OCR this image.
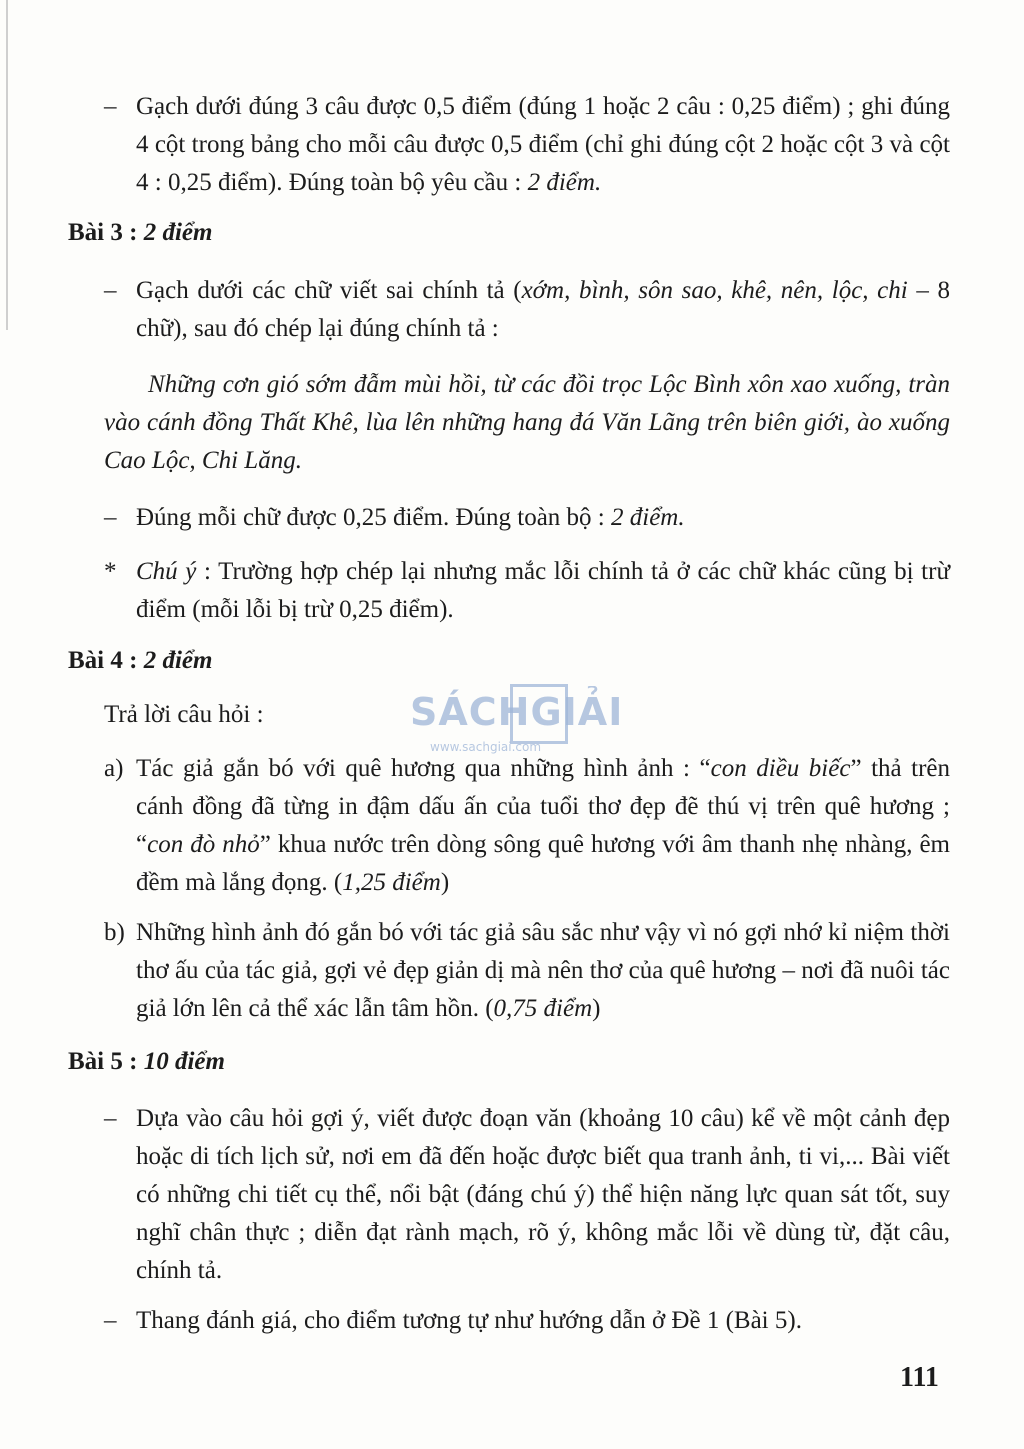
– Gạch dưới đúng 3 câu được 0,5 điểm (đúng 1 hoặc 2 câu : 0,25 điểm) ; ghi đúng 4 cột trong bảng cho mỗi câu được 0,5 điểm (chỉ ghi đúng cột 2 hoặc cột 3 và cột 4 : 0,25 điểm). Đúng toàn bộ yêu cầu : 2 điểm.

Bài 3 : 2 điểm

– Gạch dưới các chữ viết sai chính tả (xớm, bình, sôn sao, khê, nên, lộc, chi – 8 chữ), sau đó chép lại đúng chính tả :

Những cơn gió sớm đẫm mùi hồi, từ các đồi trọc Lộc Bình xôn xao xuống, tràn vào cánh đồng Thất Khê, lùa lên những hang đá Văn Lãng trên biên giới, ào xuống Cao Lộc, Chi Lăng.

– Đúng mỗi chữ được 0,25 điểm. Đúng toàn bộ : 2 điểm.

* Chú ý : Trường hợp chép lại nhưng mắc lỗi chính tả ở các chữ khác cũng bị trừ điểm (mỗi lỗi bị trừ 0,25 điểm).

Bài 4 : 2 điểm

Trả lời câu hỏi :

a) Tác giả gắn bó với quê hương qua những hình ảnh : “con diều biếc” thả trên cánh đồng đã từng in đậm dấu ấn của tuổi thơ đẹp đẽ thú vị trên quê hương ; “con đò nhỏ” khua nước trên dòng sông quê hương với âm thanh nhẹ nhàng, êm đềm mà lắng đọng. (1,25 điểm)

b) Những hình ảnh đó gắn bó với tác giả sâu sắc như vậy vì nó gợi nhớ kỉ niệm thời thơ ấu của tác giả, gợi vẻ đẹp giản dị mà nên thơ của quê hương – nơi đã nuôi tác giả lớn lên cả thể xác lẫn tâm hồn. (0,75 điểm)

Bài 5 : 10 điểm

– Dựa vào câu hỏi gợi ý, viết được đoạn văn (khoảng 10 câu) kể về một cảnh đẹp hoặc di tích lịch sử, nơi em đã đến hoặc được biết qua tranh ảnh, ti vi,... Bài viết có những chi tiết cụ thể, nổi bật (đáng chú ý) thể hiện năng lực quan sát tốt, suy nghĩ chân thực ; diễn đạt rành mạch, rõ ý, không mắc lỗi về dùng từ, đặt câu, chính tả.

– Thang đánh giá, cho điểm tương tự như hướng dẫn ở Đề 1 (Bài 5).

SÁCHGIẢI
www.sachgiai.com
111
